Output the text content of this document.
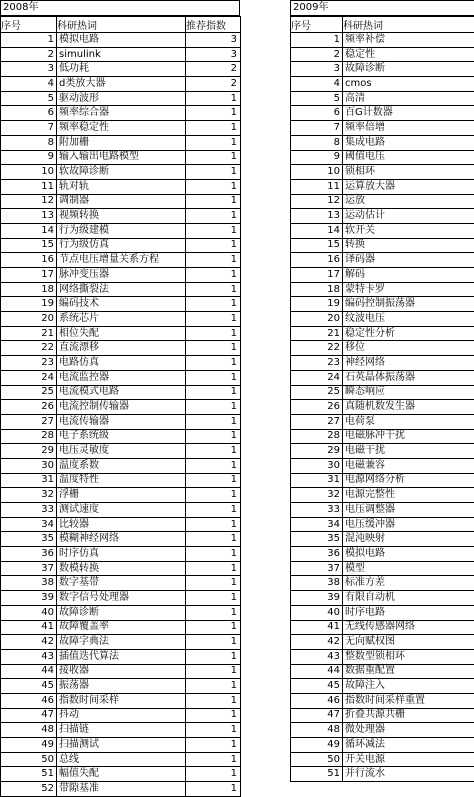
2008年
序号	科研热词	推荐指数
1	模拟电路	3
2	simulink	3
3	低功耗	2
4	d类放大器	2
5	驱动波形	1
6	频率综合器	1
7	频率稳定性	1
8	附加栅	1
9	输入输出电路模型	1
10	软故障诊断	1
11	轨对轨	1
12	调制器	1
13	视频转换	1
14	行为级建模	1
15	行为级仿真	1
16	节点电压增量关系方程	1
17	脉冲变压器	1
18	网络撕裂法	1
19	编码技术	1
20	系统芯片	1
21	相位失配	1
22	直流漂移	1
23	电路仿真	1
24	电流监控器	1
25	电流模式电路	1
26	电流控制传输器	1
27	电流传输器	1
28	电子系统级	1
29	电压灵敏度	1
30	温度系数	1
31	温度特性	1
32	浮栅	1
33	测试速度	1
34	比较器	1
35	模糊神经网络	1
36	时序仿真	1
37	数模转换	1
38	数字基带	1
39	数字信号处理器	1
40	故障诊断	1
41	故障覆盖率	1
42	故障字典法	1
43	插值迭代算法	1
44	接收器	1
45	振荡器	1
46	指数时间采样	1
47	抖动	1
48	扫描链	1
49	扫描测试	1
50	总线	1
51	幅值失配	1
52	带隙基准	1
2009年
序号	科研热词
1	频率补偿
2	稳定性
3	故障诊断
4	cmos
5	高清
6	百G计数器
7	频率倍增
8	集成电路
9	阈值电压
10	锁相环
11	运算放大器
12	运放
13	运动估计
14	软开关
15	转换
16	译码器
17	解码
18	蒙特卡罗
19	编码控制振荡器
20	纹波电压
21	稳定性分析
22	移位
23	神经网络
24	石英晶体振荡器
25	瞬态响应
26	真随机数发生器
27	电荷泵
28	电磁脉冲干扰
29	电磁干扰
30	电磁兼容
31	电源网络分析
32	电源完整性
33	电压调整器
34	电压缓冲器
35	混沌映射
36	模拟电路
37	模型
38	标准方差
39	有限自动机
40	时序电路
41	无线传感器网络
42	无向赋权图
43	整数型锁相环
44	数据重配置
45	故障注入
46	指数时间采样重置
47	折叠共源共栅
48	微处理器
49	循环减法
50	开关电源
51	并行流水
